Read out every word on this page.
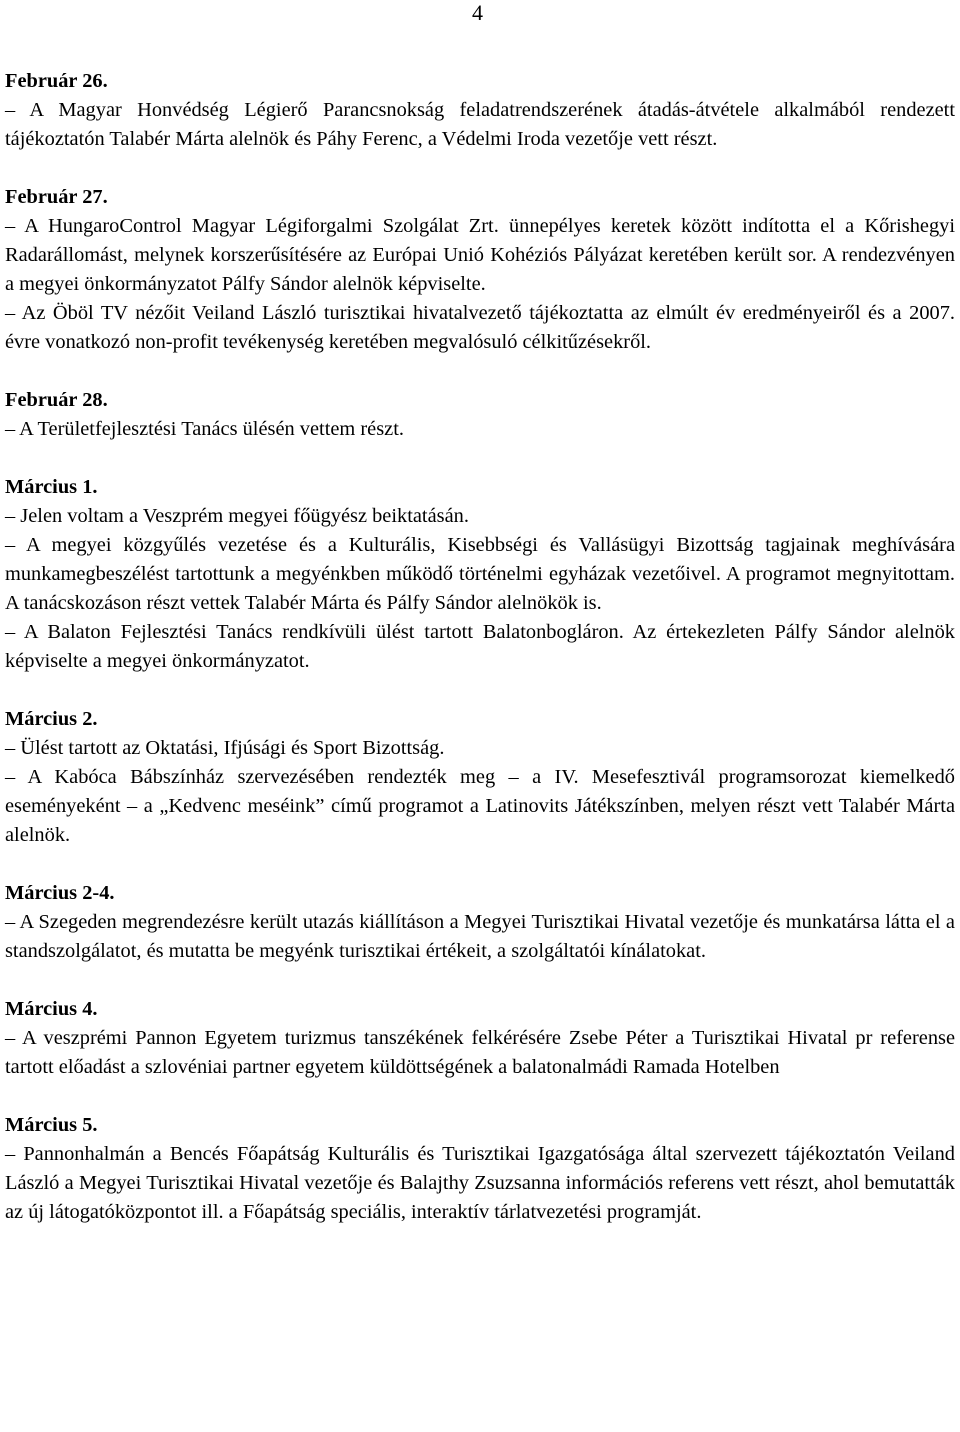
4
Február 26.

– A Magyar Honvédség Légierő Parancsnokság feladatrendszerének átadás-átvétele alkalmából rendezett tájékoztatón Talabér Márta alelnök és Páhy Ferenc, a Védelmi Iroda vezetője vett részt.

Február 27.

– A HungaroControl Magyar Légiforgalmi Szolgálat Zrt. ünnepélyes keretek között indította el a Kőrishegyi Radarállomást, melynek korszerűsítésére az Európai Unió Kohéziós Pályázat keretében került sor. A rendezvényen a megyei önkormányzatot Pálfy Sándor alelnök képviselte.

– Az Öböl TV nézőit Veiland László turisztikai hivatalvezető tájékoztatta az elmúlt év eredményeiről és a 2007. évre vonatkozó non-profit tevékenység keretében megvalósuló célkitűzésekről.

Február 28.

– A Területfejlesztési Tanács ülésén vettem részt.

Március 1.

– Jelen voltam a Veszprém megyei főügyész beiktatásán.

– A megyei közgyűlés vezetése és a Kulturális, Kisebbségi és Vallásügyi Bizottság tagjainak meghívására munkamegbeszélést tartottunk a megyénkben működő történelmi egyházak vezetőivel. A programot megnyitottam. A tanácskozáson részt vettek Talabér Márta és Pálfy Sándor alelnökök is.

– A Balaton Fejlesztési Tanács rendkívüli ülést tartott Balatonbogláron. Az értekezleten Pálfy Sándor alelnök képviselte a megyei önkormányzatot.

Március 2.

– Ülést tartott az Oktatási, Ifjúsági és Sport Bizottság.

– A Kabóca Bábszínház szervezésében rendezték meg – a IV. Mesefesztivál programsorozat kiemelkedő eseményeként – a „Kedvenc meséink” című programot a Latinovits Játékszínben, melyen részt vett Talabér Márta alelnök.

Március 2-4.

– A Szegeden megrendezésre került utazás kiállításon a Megyei Turisztikai Hivatal vezetője és munkatársa látta el a standszolgálatot, és mutatta be megyénk turisztikai értékeit, a szolgáltatói kínálatokat.

Március 4.

– A veszprémi Pannon Egyetem turizmus tanszékének felkérésére Zsebe Péter a Turisztikai Hivatal pr referense tartott előadást a szlovéniai partner egyetem küldöttségének a balatonalmádi Ramada Hotelben

Március 5.

– Pannonhalmán a Bencés Főapátság Kulturális és Turisztikai Igazgatósága által szervezett tájékoztatón Veiland László a Megyei Turisztikai Hivatal vezetője és Balajthy Zsuzsanna információs referens vett részt, ahol bemutatták az új látogatóközpontot ill. a Főapátság speciális, interaktív tárlatvezetési programját.
